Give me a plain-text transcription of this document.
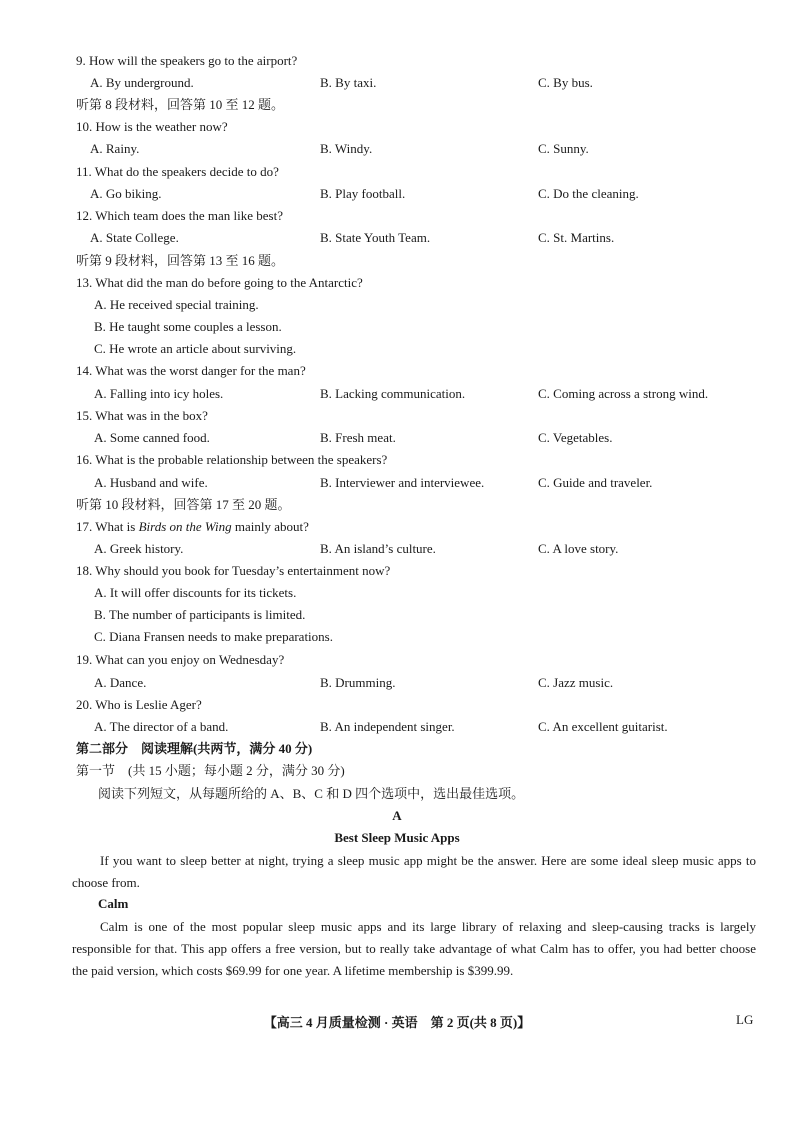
9. How will the speakers go to the airport?
A. By underground.	B. By taxi.	C. By bus.
听第 8 段材料，回答第 10 至 12 题。
10. How is the weather now?
A. Rainy.	B. Windy.	C. Sunny.
11. What do the speakers decide to do?
A. Go biking.	B. Play football.	C. Do the cleaning.
12. Which team does the man like best?
A. State College.	B. State Youth Team.	C. St. Martins.
听第 9 段材料，回答第 13 至 16 题。
13. What did the man do before going to the Antarctic?
A. He received special training.
B. He taught some couples a lesson.
C. He wrote an article about surviving.
14. What was the worst danger for the man?
A. Falling into icy holes.	B. Lacking communication.	C. Coming across a strong wind.
15. What was in the box?
A. Some canned food.	B. Fresh meat.	C. Vegetables.
16. What is the probable relationship between the speakers?
A. Husband and wife.	B. Interviewer and interviewee.	C. Guide and traveler.
听第 10 段材料，回答第 17 至 20 题。
17. What is Birds on the Wing mainly about?
A. Greek history.	B. An island’s culture.	C. A love story.
18. Why should you book for Tuesday’s entertainment now?
A. It will offer discounts for its tickets.
B. The number of participants is limited.
C. Diana Fransen needs to make preparations.
19. What can you enjoy on Wednesday?
A. Dance.	B. Drumming.	C. Jazz music.
20. Who is Leslie Ager?
A. The director of a band.	B. An independent singer.	C. An excellent guitarist.
第二部分　阅读理解(共两节，满分 40 分)
第一节　(共 15 小题；每小题 2 分，满分 30 分)
阅读下列短文，从每题所给的 A、B、C 和 D 四个选项中，选出最佳选项。
A
Best Sleep Music Apps
If you want to sleep better at night, trying a sleep music app might be the answer. Here are some ideal sleep music apps to choose from.
Calm
Calm is one of the most popular sleep music apps and its large library of relaxing and sleep-causing tracks is largely responsible for that. This app offers a free version, but to really take advantage of what Calm has to offer, you had better choose the paid version, which costs $69.99 for one year. A lifetime membership is $399.99.
【高三 4 月质量检测 · 英语　第 2 页(共 8 页)】	LG
